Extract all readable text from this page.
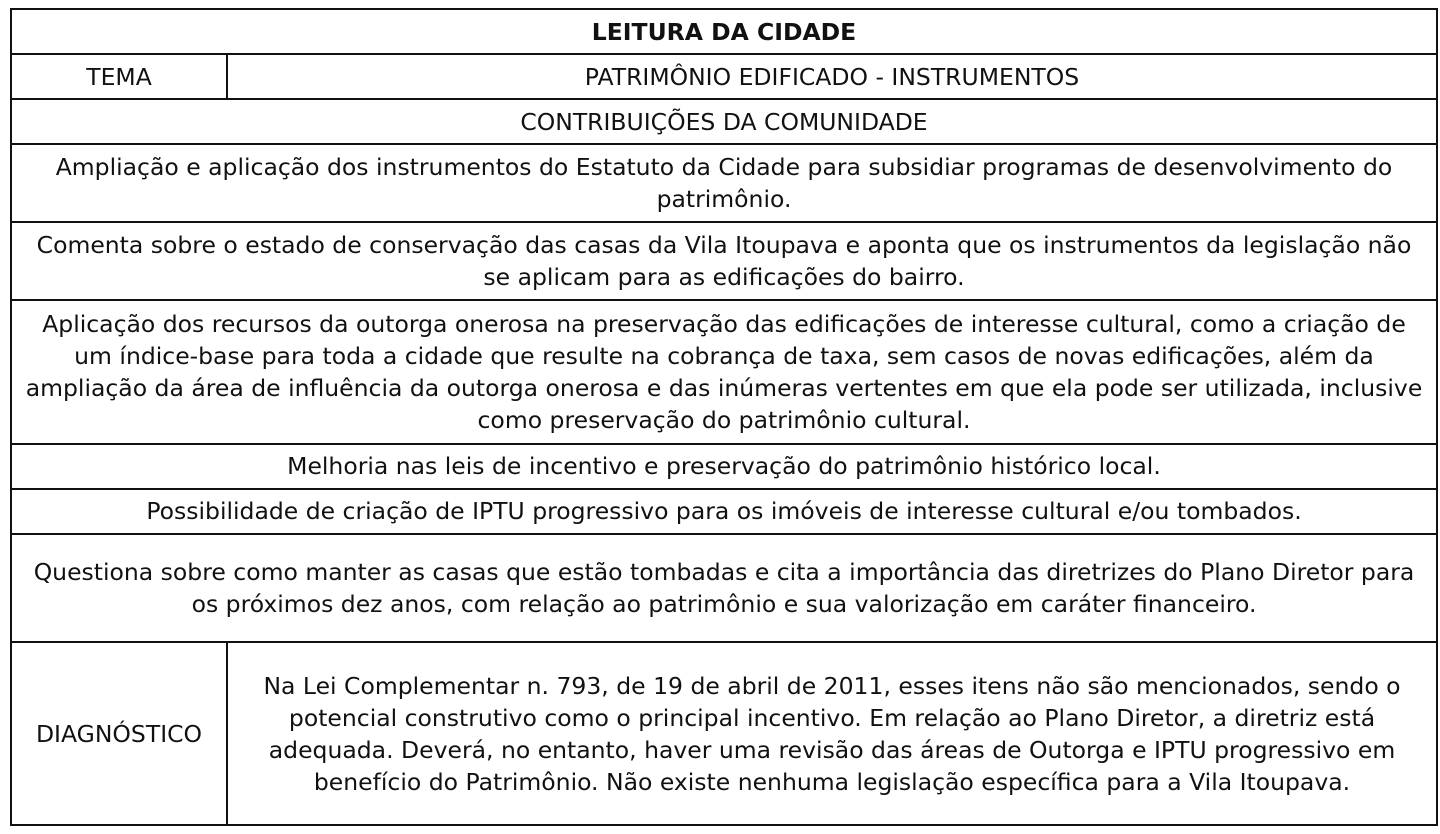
LEITURA DA CIDADE	
TEMA	PATRIMÔNIO EDIFICADO - INSTRUMENTOS
CONTRIBUIÇÕES DA COMUNIDADE	
Ampliação e aplicação dos instrumentos do Estatuto da Cidade para subsidiar programas de desenvolvimento do patrimônio.	
Comenta sobre o estado de conservação das casas da Vila Itoupava e aponta que os instrumentos da legislação não se aplicam para as edificações do bairro.	
Aplicação dos recursos da outorga onerosa na preservação das edificações de interesse cultural, como a criação de um índice-base para toda a cidade que resulte na cobrança de taxa, sem casos de novas edificações, além da ampliação da área de influência da outorga onerosa e das inúmeras vertentes em que ela pode ser utilizada, inclusive como preservação do patrimônio cultural.	
Melhoria nas leis de incentivo e preservação do patrimônio histórico local.	
Possibilidade de criação de IPTU progressivo para os imóveis de interesse cultural e/ou tombados.	
Questiona sobre como manter as casas que estão tombadas e cita a importância das diretrizes do Plano Diretor para os próximos dez anos, com relação ao patrimônio e sua valorização em caráter financeiro.	
DIAGNÓSTICO	Na Lei Complementar n. 793, de 19 de abril de 2011, esses itens não são mencionados, sendo o potencial construtivo como o principal incentivo. Em relação ao Plano Diretor, a diretriz está adequada. Deverá, no entanto, haver uma revisão das áreas de Outorga e IPTU progressivo em benefício do Patrimônio. Não existe nenhuma legislação específica para a Vila Itoupava.
